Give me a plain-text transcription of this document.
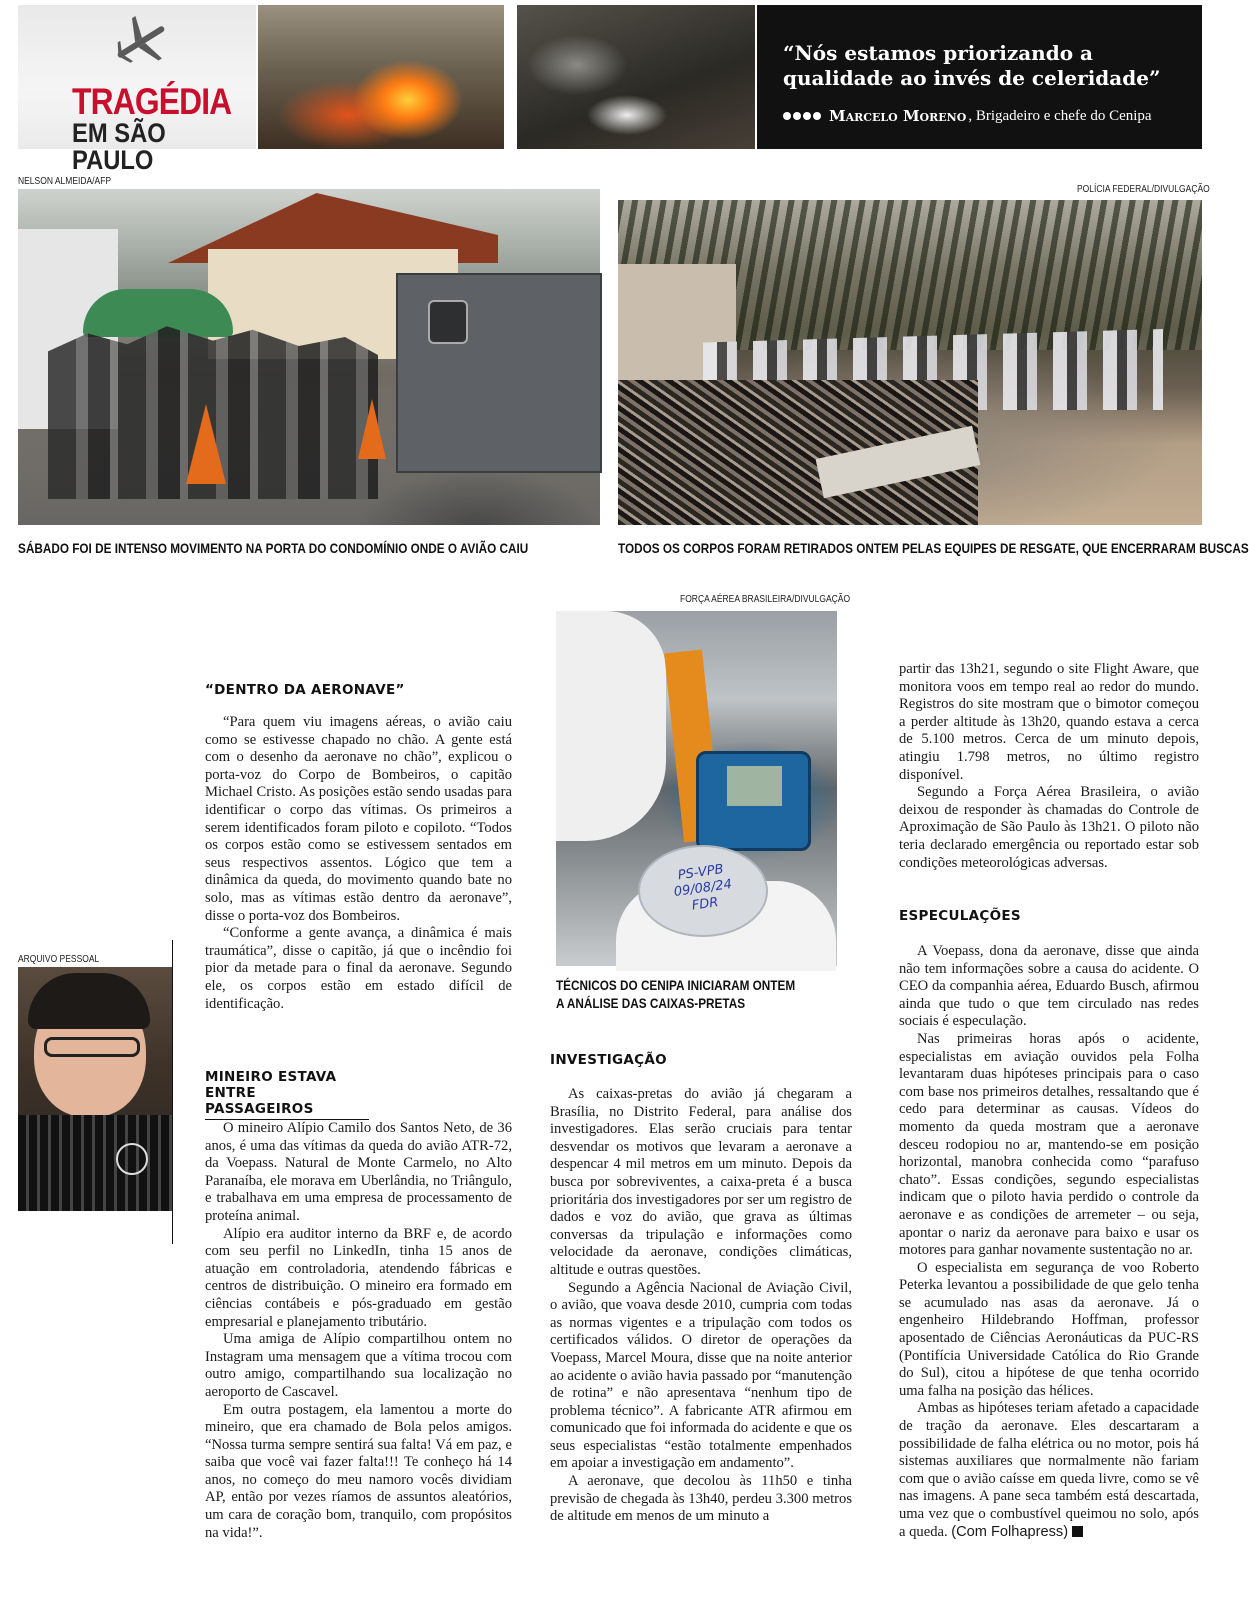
TRAGÉDIA
EM SÃO PAULO
“Nós estamos priorizando a qualidade ao invés de celeridade”
Marcelo Moreno , Brigadeiro e chefe do Cenipa
NELSON ALMEIDA/AFP
SÁBADO FOI DE INTENSO MOVIMENTO NA PORTA DO CONDOMÍNIO ONDE O AVIÃO CAIU
POLÍCIA FEDERAL/DIVULGAÇÃO
TODOS OS CORPOS FORAM RETIRADOS ONTEM PELAS EQUIPES DE RESGATE, QUE ENCERRARAM BUSCAS
FORÇA AÉREA BRASILEIRA/DIVULGAÇÃO
PS-VPB
09/08/24
FDR
TÉCNICOS DO CENIPA INICIARAM ONTEM
A ANÁLISE DAS CAIXAS-PRETAS
ARQUIVO PESSOAL
“DENTRO DA AERONAVE”

“Para quem viu imagens aéreas, o avião caiu como se estivesse chapado no chão. A gente está com o desenho da aeronave no chão”, explicou o porta-voz do Corpo de Bombeiros, o capitão Michael Cristo. As posições estão sendo usadas para identificar o corpo das vítimas. Os primeiros a serem identificados foram piloto e copiloto. “Todos os corpos estão como se estivessem sentados em seus respectivos assentos. Lógico que tem a dinâmica da queda, do movimento quando bate no solo, mas as vítimas estão dentro da aeronave”, disse o porta-voz dos Bombeiros.

“Conforme a gente avança, a dinâmica é mais traumática”, disse o capitão, já que o incêndio foi pior da metade para o final da aeronave. Segundo ele, os corpos estão em estado difícil de identificação.

MINEIRO ESTAVA
ENTRE PASSAGEIROS

O mineiro Alípio Camilo dos Santos Neto, de 36 anos, é uma das vítimas da queda do avião ATR-72, da Voepass. Natural de Monte Carmelo, no Alto Paranaíba, ele morava em Uberlândia, no Triângulo, e trabalhava em uma empresa de processamento de proteína animal.

Alípio era auditor interno da BRF e, de acordo com seu perfil no LinkedIn, tinha 15 anos de atuação em controladoria, atendendo fábricas e centros de distribuição. O mineiro era formado em ciências contábeis e pós-graduado em gestão empresarial e planejamento tributário.

Uma amiga de Alípio compartilhou ontem no Instagram uma mensagem que a vítima trocou com outro amigo, compartilhando sua localização no aeroporto de Cascavel.

Em outra postagem, ela lamentou a morte do mineiro, que era chamado de Bola pelos amigos. “Nossa turma sempre sentirá sua falta! Vá em paz, e saiba que você vai fazer falta!!! Te conheço há 14 anos, no começo do meu namoro vocês dividiam AP, então por vezes ríamos de assuntos aleatórios, um cara de coração bom, tranquilo, com propósitos na vida!”.

INVESTIGAÇÃO

As caixas-pretas do avião já chegaram a Brasília, no Distrito Federal, para análise dos investigadores. Elas serão cruciais para tentar desvendar os motivos que levaram a aeronave a despencar 4 mil metros em um minuto. Depois da busca por sobreviventes, a caixa-preta é a busca prioritária dos investigadores por ser um registro de dados e voz do avião, que grava as últimas conversas da tripulação e informações como velocidade da aeronave, condições climáticas, altitude e outras questões.

Segundo a Agência Nacional de Aviação Civil, o avião, que voava desde 2010, cumpria com todas as normas vigentes e a tripulação com todos os certificados válidos. O diretor de operações da Voepass, Marcel Moura, disse que na noite anterior ao acidente o avião havia passado por “manutenção de rotina” e não apresentava “nenhum tipo de problema técnico”. A fabricante ATR afirmou em comunicado que foi informada do acidente e que os seus especialistas “estão totalmente empenhados em apoiar a investigação em andamento”.

A aeronave, que decolou às 11h50 e tinha previsão de chegada às 13h40, perdeu 3.300 metros de altitude em menos de um minuto a

partir das 13h21, segundo o site Flight Aware, que monitora voos em tempo real ao redor do mundo. Registros do site mostram que o bimotor começou a perder altitude às 13h20, quando estava a cerca de 5.100 metros. Cerca de um minuto depois, atingiu 1.798 metros, no último registro disponível.

Segundo a Força Aérea Brasileira, o avião deixou de responder às chamadas do Controle de Aproximação de São Paulo às 13h21. O piloto não teria declarado emergência ou reportado estar sob condições meteorológicas adversas.

ESPECULAÇÕES

A Voepass, dona da aeronave, disse que ainda não tem informações sobre a causa do acidente. O CEO da companhia aérea, Eduardo Busch, afirmou ainda que tudo o que tem circulado nas redes sociais é especulação.

Nas primeiras horas após o acidente, especialistas em aviação ouvidos pela Folha levantaram duas hipóteses principais para o caso com base nos primeiros detalhes, ressaltando que é cedo para determinar as causas. Vídeos do momento da queda mostram que a aeronave desceu rodopiou no ar, mantendo-se em posição horizontal, manobra conhecida como “parafuso chato”. Essas condições, segundo especialistas indicam que o piloto havia perdido o controle da aeronave e as condições de arremeter – ou seja, apontar o nariz da aeronave para baixo e usar os motores para ganhar novamente sustentação no ar.

O especialista em segurança de voo Roberto Peterka levantou a possibilidade de que gelo tenha se acumulado nas asas da aeronave. Já o engenheiro Hildebrando Hoffman, professor aposentado de Ciências Aeronáuticas da PUC-RS (Pontifícia Universidade Católica do Rio Grande do Sul), citou a hipótese de que tenha ocorrido uma falha na posição das hélices.

Ambas as hipóteses teriam afetado a capacidade de tração da aeronave. Eles descartaram a possibilidade de falha elétrica ou no motor, pois há sistemas auxiliares que normalmente não fariam com que o avião caísse em queda livre, como se vê nas imagens. A pane seca também está descartada, uma vez que o combustível queimou no solo, após a queda. (Com Folhapress)
